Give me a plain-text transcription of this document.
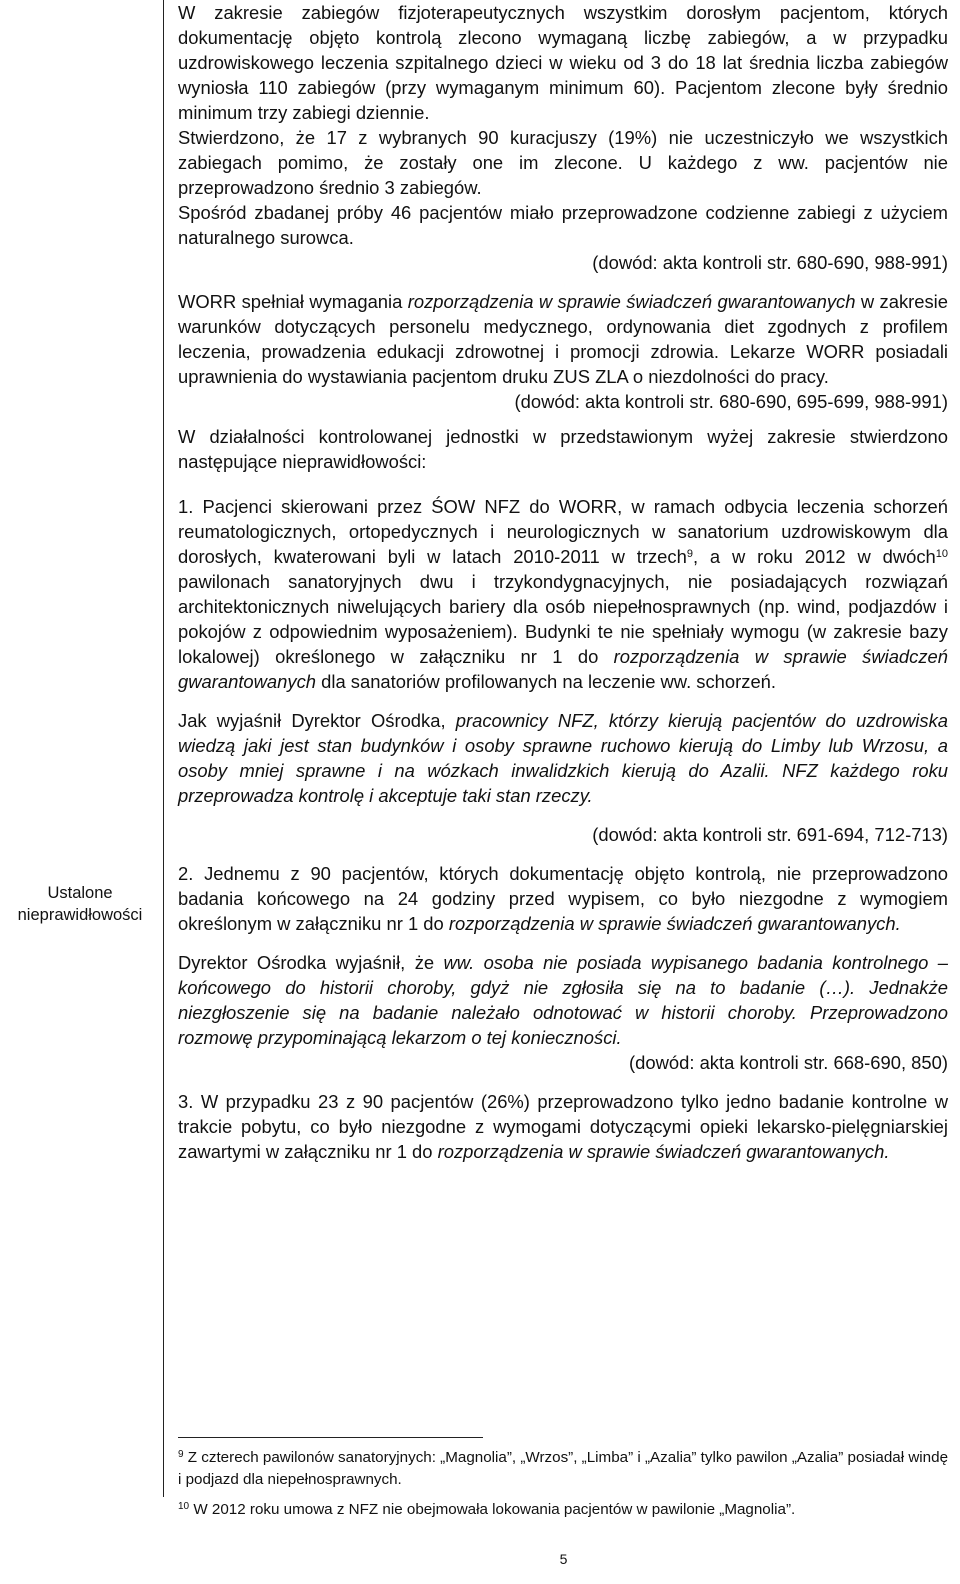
Ustalone
nieprawidłowości

W zakresie zabiegów fizjoterapeutycznych wszystkim dorosłym pacjentom, których dokumentację objęto kontrolą zlecono wymaganą liczbę zabiegów, a w przypadku uzdrowiskowego leczenia szpitalnego dzieci w wieku od 3 do 18 lat średnia liczba zabiegów wyniosła 110 zabiegów (przy wymaganym minimum 60). Pacjentom zlecone były średnio minimum trzy zabiegi dziennie.

Stwierdzono, że 17 z wybranych 90 kuracjuszy (19%) nie uczestniczyło we wszystkich zabiegach pomimo, że zostały one im zlecone. U każdego z ww. pacjentów nie przeprowadzono średnio 3 zabiegów.

Spośród zbadanej próby 46 pacjentów miało przeprowadzone codzienne zabiegi z użyciem naturalnego surowca.

(dowód: akta kontroli str. 680-690, 988-991)

WORR spełniał wymagania rozporządzenia w sprawie świadczeń gwarantowanych w zakresie warunków dotyczących personelu medycznego, ordynowania diet zgodnych z profilem leczenia, prowadzenia edukacji zdrowotnej i promocji zdrowia. Lekarze WORR posiadali uprawnienia do wystawiania pacjentom druku ZUS ZLA o niezdolności do pracy.

(dowód: akta kontroli str. 680-690, 695-699, 988-991)

W działalności kontrolowanej jednostki w przedstawionym wyżej zakresie stwierdzono następujące nieprawidłowości:

1. Pacjenci skierowani przez ŚOW NFZ do WORR, w ramach odbycia leczenia schorzeń reumatologicznych, ortopedycznych i neurologicznych w sanatorium uzdrowiskowym dla dorosłych, kwaterowani byli w latach 2010-2011 w trzech$^9$, a w roku 2012 w dwóch$^{10}$ pawilonach sanatoryjnych dwu i trzykondygnacyjnych, nie posiadających rozwiązań architektonicznych niwelujących bariery dla osób niepełnosprawnych (np. wind, podjazdów i pokojów z odpowiednim wyposażeniem). Budynki te nie spełniały wymogu (w zakresie bazy lokalowej) określonego w załączniku nr 1 do rozporządzenia w sprawie świadczeń gwarantowanych dla sanatoriów profilowanych na leczenie ww. schorzeń.

Jak wyjaśnił Dyrektor Ośrodka, pracownicy NFZ, którzy kierują pacjentów do uzdrowiska wiedzą jaki jest stan budynków i osoby sprawne ruchowo kierują do Limby lub Wrzosu, a osoby mniej sprawne i na wózkach inwalidzkich kierują do Azalii. NFZ każdego roku przeprowadza kontrolę i akceptuje taki stan rzeczy.

(dowód: akta kontroli str. 691-694, 712-713)

2. Jednemu z 90 pacjentów, których dokumentację objęto kontrolą, nie przeprowadzono badania końcowego na 24 godziny przed wypisem, co było niezgodne z wymogiem określonym w załączniku nr 1 do rozporządzenia w sprawie świadczeń gwarantowanych.

Dyrektor Ośrodka wyjaśnił, że ww. osoba nie posiada wypisanego badania kontrolnego – końcowego do historii choroby, gdyż nie zgłosiła się na to badanie (…). Jednakże niezgłoszenie się na badanie należało odnotować w historii choroby. Przeprowadzono rozmowę przypominającą lekarzom o tej konieczności.

(dowód: akta kontroli str. 668-690, 850)

3. W przypadku 23 z 90 pacjentów (26%) przeprowadzono tylko jedno badanie kontrolne w trakcie pobytu, co było niezgodne z wymogami dotyczącymi opieki lekarsko-pielęgniarskiej zawartymi w załączniku nr 1 do rozporządzenia w sprawie świadczeń gwarantowanych.

$^9$ Z czterech pawilonów sanatoryjnych: „Magnolia”, „Wrzos”, „Limba” i „Azalia” tylko pawilon „Azalia” posiadał windę i podjazd dla niepełnosprawnych.

$^{10}$ W 2012 roku umowa z NFZ nie obejmowała lokowania pacjentów w pawilonie „Magnolia”.

5
